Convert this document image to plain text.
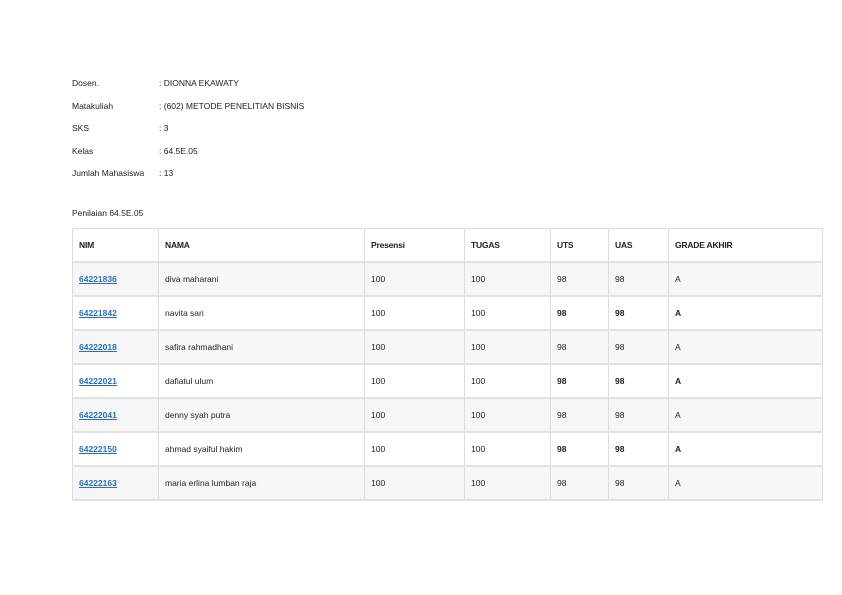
Dosen.	: DIONNA EKAWATY
Matakuliah	: (602) METODE PENELITIAN BISNIS
SKS	: 3
Kelas	: 64.5E.05
Jumlah Mahasiswa	: 13
Penilaian 64.5E.05
NIM	NAMA	Presensi	TUGAS	UTS	UAS	GRADE AKHIR
64221836	diva maharani	100	100	98	98	A
64221842	navita sari	100	100	98	98	A
64222018	safira rahmadhani	100	100	98	98	A
64222021	dafiatul ulum	100	100	98	98	A
64222041	denny syah putra	100	100	98	98	A
64222150	ahmad syaiful hakim	100	100	98	98	A
64222163	maria erlina lumban raja	100	100	98	98	A
